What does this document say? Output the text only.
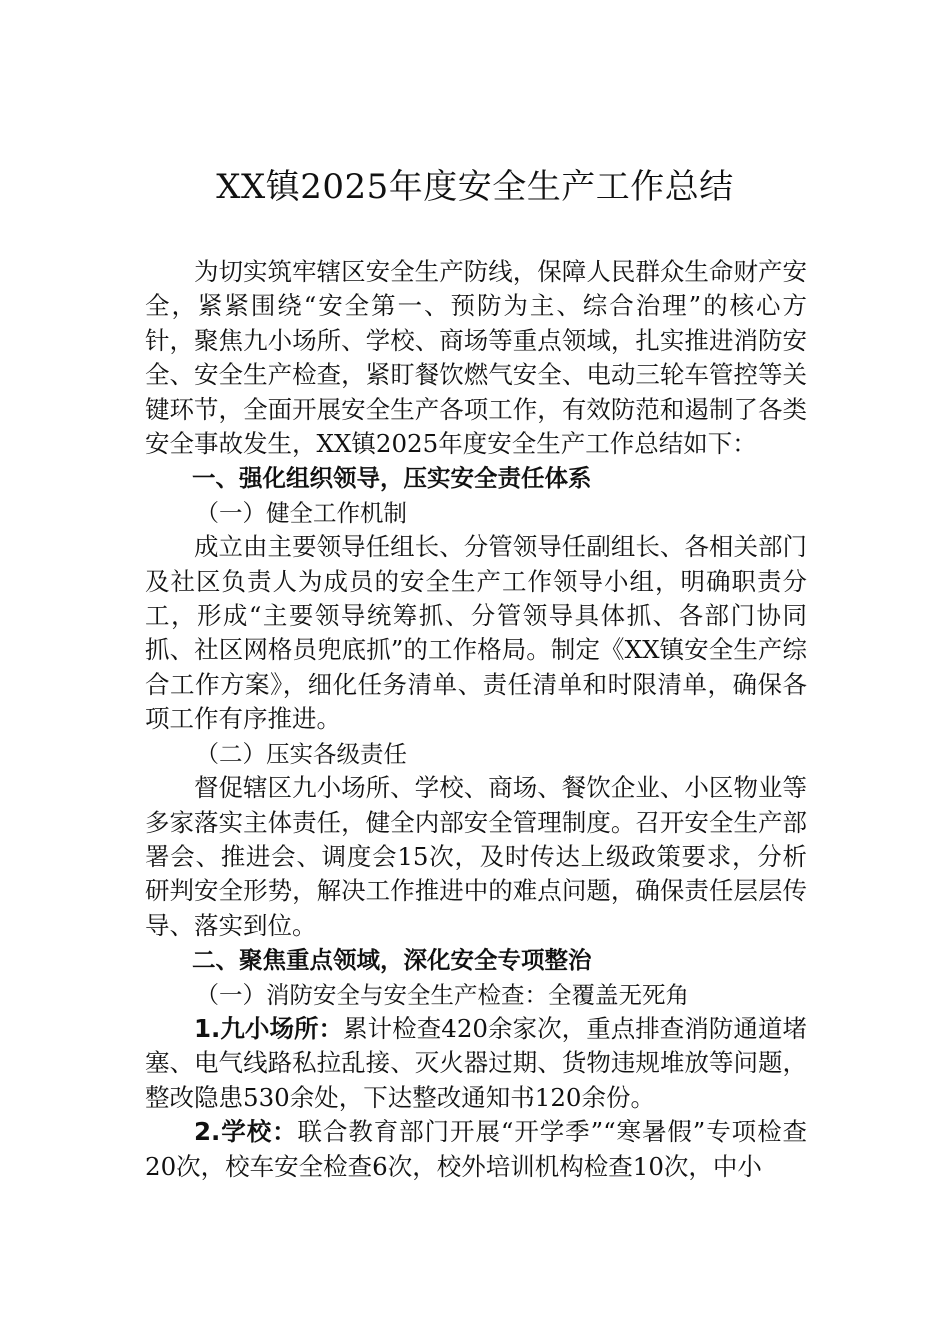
XX镇2025年度安全生产工作总结

为切实筑牢辖区安全生产防线，保障人民群众生命财产安全，紧紧围绕“安全第一、预防为主、综合治理”的核心方针，聚焦九小场所、学校、商场等重点领域，扎实推进消防安全、安全生产检查，紧盯餐饮燃气安全、电动三轮车管控等关键环节，全面开展安全生产各项工作，有效防范和遏制了各类安全事故发生，XX镇2025年度安全生产工作总结如下：

一、强化组织领导，压实安全责任体系

（一）健全工作机制

成立由主要领导任组长、分管领导任副组长、各相关部门及社区负责人为成员的安全生产工作领导小组，明确职责分工，形成“主要领导统筹抓、分管领导具体抓、各部门协同抓、社区网格员兜底抓”的工作格局。制定《XX镇安全生产综合工作方案》，细化任务清单、责任清单和时限清单，确保各项工作有序推进。

（二）压实各级责任

督促辖区九小场所、学校、商场、餐饮企业、小区物业等多家落实主体责任，健全内部安全管理制度。召开安全生产部署会、推进会、调度会15次，及时传达上级政策要求，分析研判安全形势，解决工作推进中的难点问题，确保责任层层传导、落实到位。

二、聚焦重点领域，深化安全专项整治

（一）消防安全与安全生产检查：全覆盖无死角

1.九小场所：累计检查420余家次，重点排查消防通道堵塞、电气线路私拉乱接、灭火器过期、货物违规堆放等问题，整改隐患530余处，下达整改通知书120余份。

2.学校：联合教育部门开展“开学季”“寒暑假”专项检查20次，校车安全检查6次，校外培训机构检查10次，中小
